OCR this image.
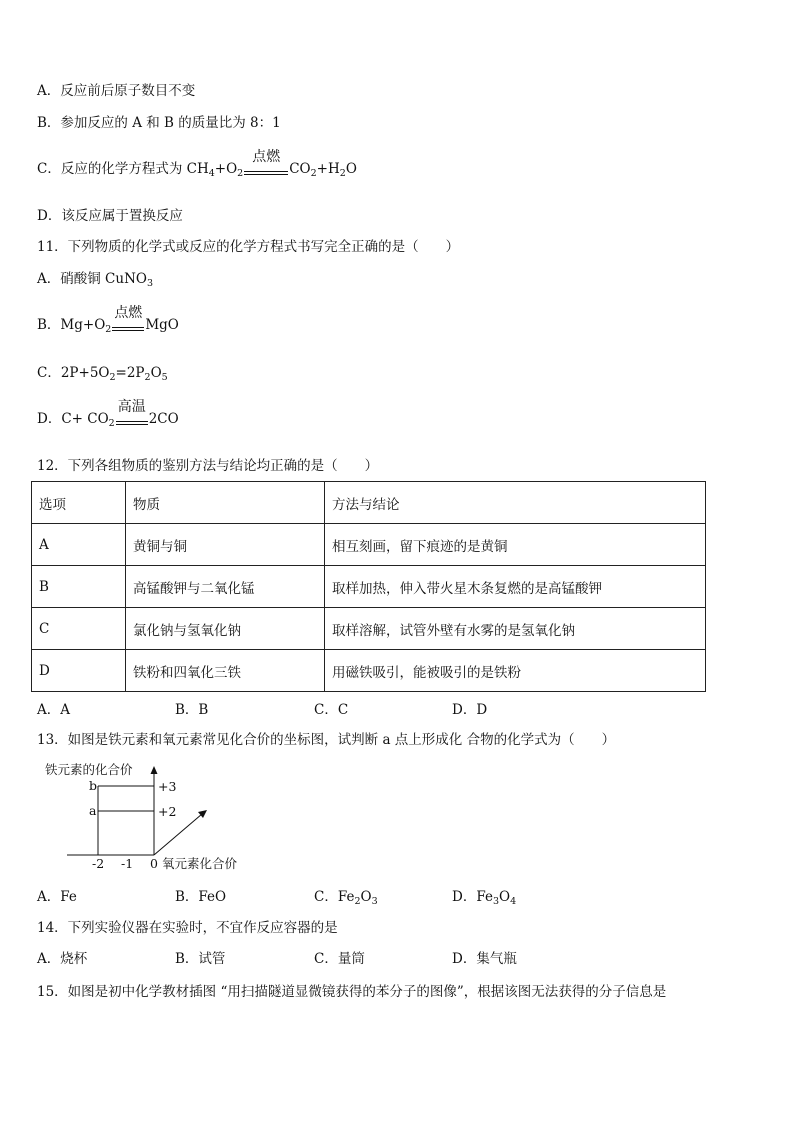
A．反应前后原子数目不变
B．参加反应的 A 和 B 的质量比为 8：1
C．反应的化学方程式为 $CH_4+O_2$
点燃
$CO_2+H_2O$
D．该反应属于置换反应
11．下列物质的化学式或反应的化学方程式书写完全正确的是（　　）
A．硝酸铜 CuNO$_3$
B．$Mg+O_2$
点燃
MgO
C．$2P+5O_2=2P_2O_5$
D．$C+ CO_2$
高温
2CO
12．下列各组物质的鉴别方法与结论均正确的是（　　）
选项	物质	方法与结论
A	黄铜与铜	相互刻画，留下痕迹的是黄铜
B	高锰酸钾与二氧化锰	取样加热，伸入带火星木条复燃的是高锰酸钾
C	氯化钠与氢氧化钠	取样溶解，试管外壁有水雾的是氢氧化钠
D	铁粉和四氧化三铁	用磁铁吸引，能被吸引的是铁粉
A．A	B．B	C．C	D．D
13．如图是铁元素和氧元素常见化合价的坐标图，试判断 a 点上形成化 合物的化学式为（　　）
铁元素的化合价
b
a
+3
+2
-2 -1 0 氧元素化合价
A．Fe	B．FeO	C．$Fe_2O_3$	D．$Fe_3O_4$
14．下列实验仪器在实验时，不宜作反应容器的是
A．烧杯	B．试管	C．量筒	D．集气瓶
15．如图是初中化学教材插图 “用扫描隧道显微镜获得的苯分子的图像”，根据该图无法获得的分子信息是
